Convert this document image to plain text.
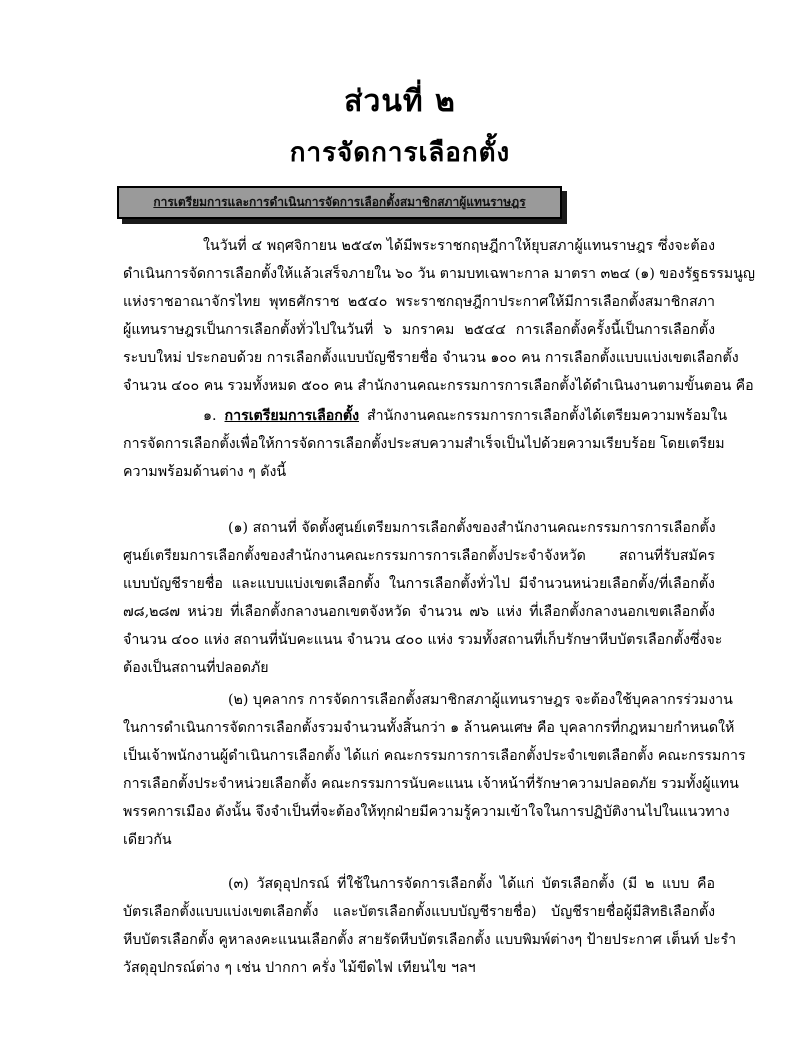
ส่วนที่ ๒
การจัดการเลือกตั้ง
การเตรียมการและการดำเนินการจัดการเลือกตั้งสมาชิกสภาผู้แทนราษฎร
ในวันที่ ๔ พฤศจิกายน ๒๕๔๓ ได้มีพระราชกฤษฎีกาให้ยุบสภาผู้แทนราษฎร ซึ่งจะต้อง
ดำเนินการจัดการเลือกตั้งให้แล้วเสร็จภายใน ๖๐ วัน ตามบทเฉพาะกาล มาตรา ๓๒๔ (๑) ของรัฐธรรมนูญ
แห่งราชอาณาจักรไทย พุทธศักราช ๒๕๔๐ พระราชกฤษฎีกาประกาศให้มีการเลือกตั้งสมาชิกสภา
ผู้แทนราษฎรเป็นการเลือกตั้งทั่วไปในวันที่ ๖ มกราคม ๒๕๔๔ การเลือกตั้งครั้งนี้เป็นการเลือกตั้ง
ระบบใหม่ ประกอบด้วย การเลือกตั้งแบบบัญชีรายชื่อ จำนวน ๑๐๐ คน การเลือกตั้งแบบแบ่งเขตเลือกตั้ง
จำนวน ๔๐๐ คน รวมทั้งหมด ๕๐๐ คน สำนักงานคณะกรรมการการเลือกตั้งได้ดำเนินงานตามขั้นตอน คือ
๑. การเตรียมการเลือกตั้ง สำนักงานคณะกรรมการการเลือกตั้งได้เตรียมความพร้อมใน
การจัดการเลือกตั้งเพื่อให้การจัดการเลือกตั้งประสบความสำเร็จเป็นไปด้วยความเรียบร้อย โดยเตรียม
ความพร้อมด้านต่าง ๆ ดังนี้
(๑) สถานที่ จัดตั้งศูนย์เตรียมการเลือกตั้งของสำนักงานคณะกรรมการการเลือกตั้ง
ศูนย์เตรียมการเลือกตั้งของสำนักงานคณะกรรมการการเลือกตั้งประจำจังหวัด สถานที่รับสมัคร
แบบบัญชีรายชื่อ และแบบแบ่งเขตเลือกตั้ง ในการเลือกตั้งทั่วไป มีจำนวนหน่วยเลือกตั้ง/ที่เลือกตั้ง
๗๘,๒๘๗ หน่วย ที่เลือกตั้งกลางนอกเขตจังหวัด จำนวน ๗๖ แห่ง ที่เลือกตั้งกลางนอกเขตเลือกตั้ง
จำนวน ๔๐๐ แห่ง สถานที่นับคะแนน จำนวน ๔๐๐ แห่ง รวมทั้งสถานที่เก็บรักษาหีบบัตรเลือกตั้งซึ่งจะ
ต้องเป็นสถานที่ปลอดภัย
(๒) บุคลากร การจัดการเลือกตั้งสมาชิกสภาผู้แทนราษฎร จะต้องใช้บุคลากรร่วมงาน
ในการดำเนินการจัดการเลือกตั้งรวมจำนวนทั้งสิ้นกว่า ๑ ล้านคนเศษ คือ บุคลากรที่กฎหมายกำหนดให้
เป็นเจ้าพนักงานผู้ดำเนินการเลือกตั้ง ได้แก่ คณะกรรมการการเลือกตั้งประจำเขตเลือกตั้ง คณะกรรมการ
การเลือกตั้งประจำหน่วยเลือกตั้ง คณะกรรมการนับคะแนน เจ้าหน้าที่รักษาความปลอดภัย รวมทั้งผู้แทน
พรรคการเมือง ดังนั้น จึงจำเป็นที่จะต้องให้ทุกฝ่ายมีความรู้ความเข้าใจในการปฏิบัติงานไปในแนวทาง
เดียวกัน
(๓) วัสดุอุปกรณ์ ที่ใช้ในการจัดการเลือกตั้ง ได้แก่ บัตรเลือกตั้ง (มี ๒ แบบ คือ
บัตรเลือกตั้งแบบแบ่งเขตเลือกตั้ง และบัตรเลือกตั้งแบบบัญชีรายชื่อ) บัญชีรายชื่อผู้มีสิทธิเลือกตั้ง
หีบบัตรเลือกตั้ง คูหาลงคะแนนเลือกตั้ง สายรัดหีบบัตรเลือกตั้ง แบบพิมพ์ต่างๆ ป้ายประกาศ เต็นท์ ปะรำ
วัสดุอุปกรณ์ต่าง ๆ เช่น ปากกา ครั่ง ไม้ขีดไฟ เทียนไข ฯลฯ
